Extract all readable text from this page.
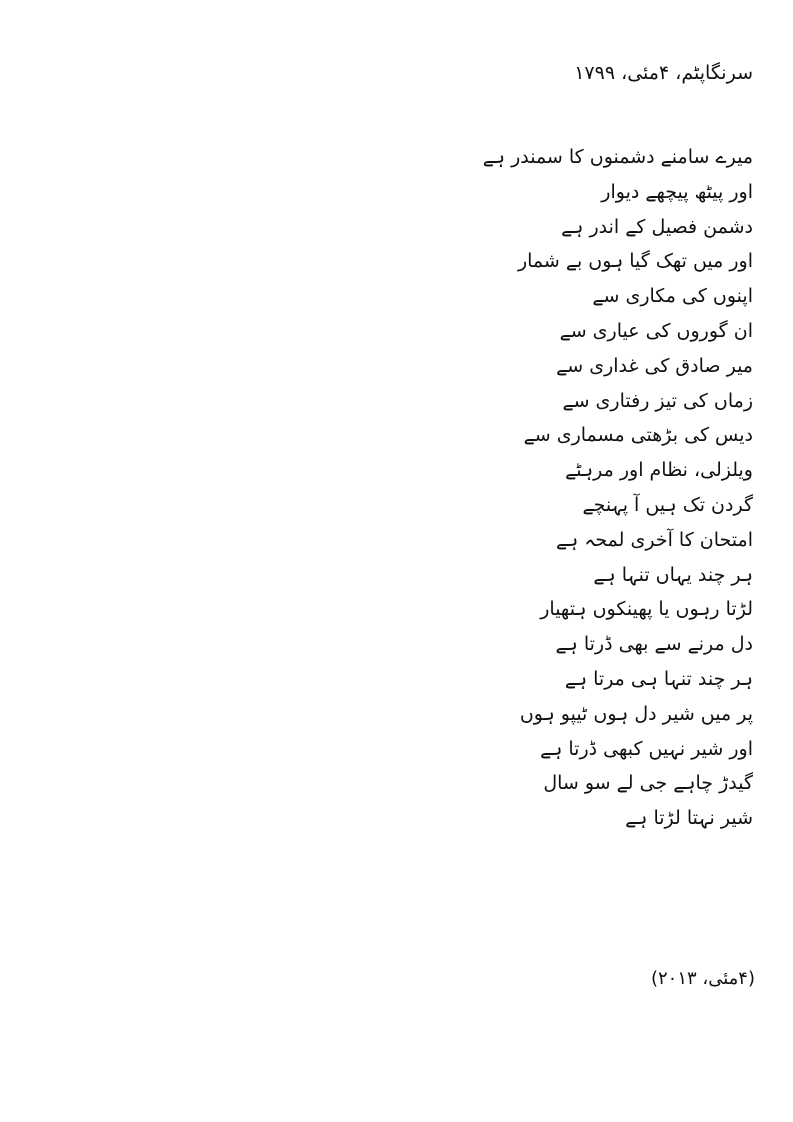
سرنگاپٹم، ۴مئی، ۱۷۹۹
میرے سامنے دشمنوں کا سمندر ہے
اور پیٹھ پیچھے دیوار
دشمن فصیل کے اندر ہے
اور میں تھک گیا ہوں بے شمار
اپنوں کی مکاری سے
ان گوروں کی عیاری سے
میر صادق کی غداری سے
زماں کی تیز رفتاری سے
دیس کی بڑھتی مسماری سے
ویلزلی، نظام اور مرہٹے
گردن تک ہیں آ پہنچے
امتحان کا آخری لمحہ ہے
ہر چند یہاں تنہا ہے
لڑتا رہوں یا پھینکوں ہتھیار
دل مرنے سے بھی ڈرتا ہے
ہر چند تنہا ہی مرتا ہے
پر میں شیر دل ہوں ٹیپو ہوں
اور شیر نہیں کبھی ڈرتا ہے
گیدڑ چاہے جی لے سو سال
شیر نہتا لڑتا ہے
(۴مئی، ۲۰۱۳)
